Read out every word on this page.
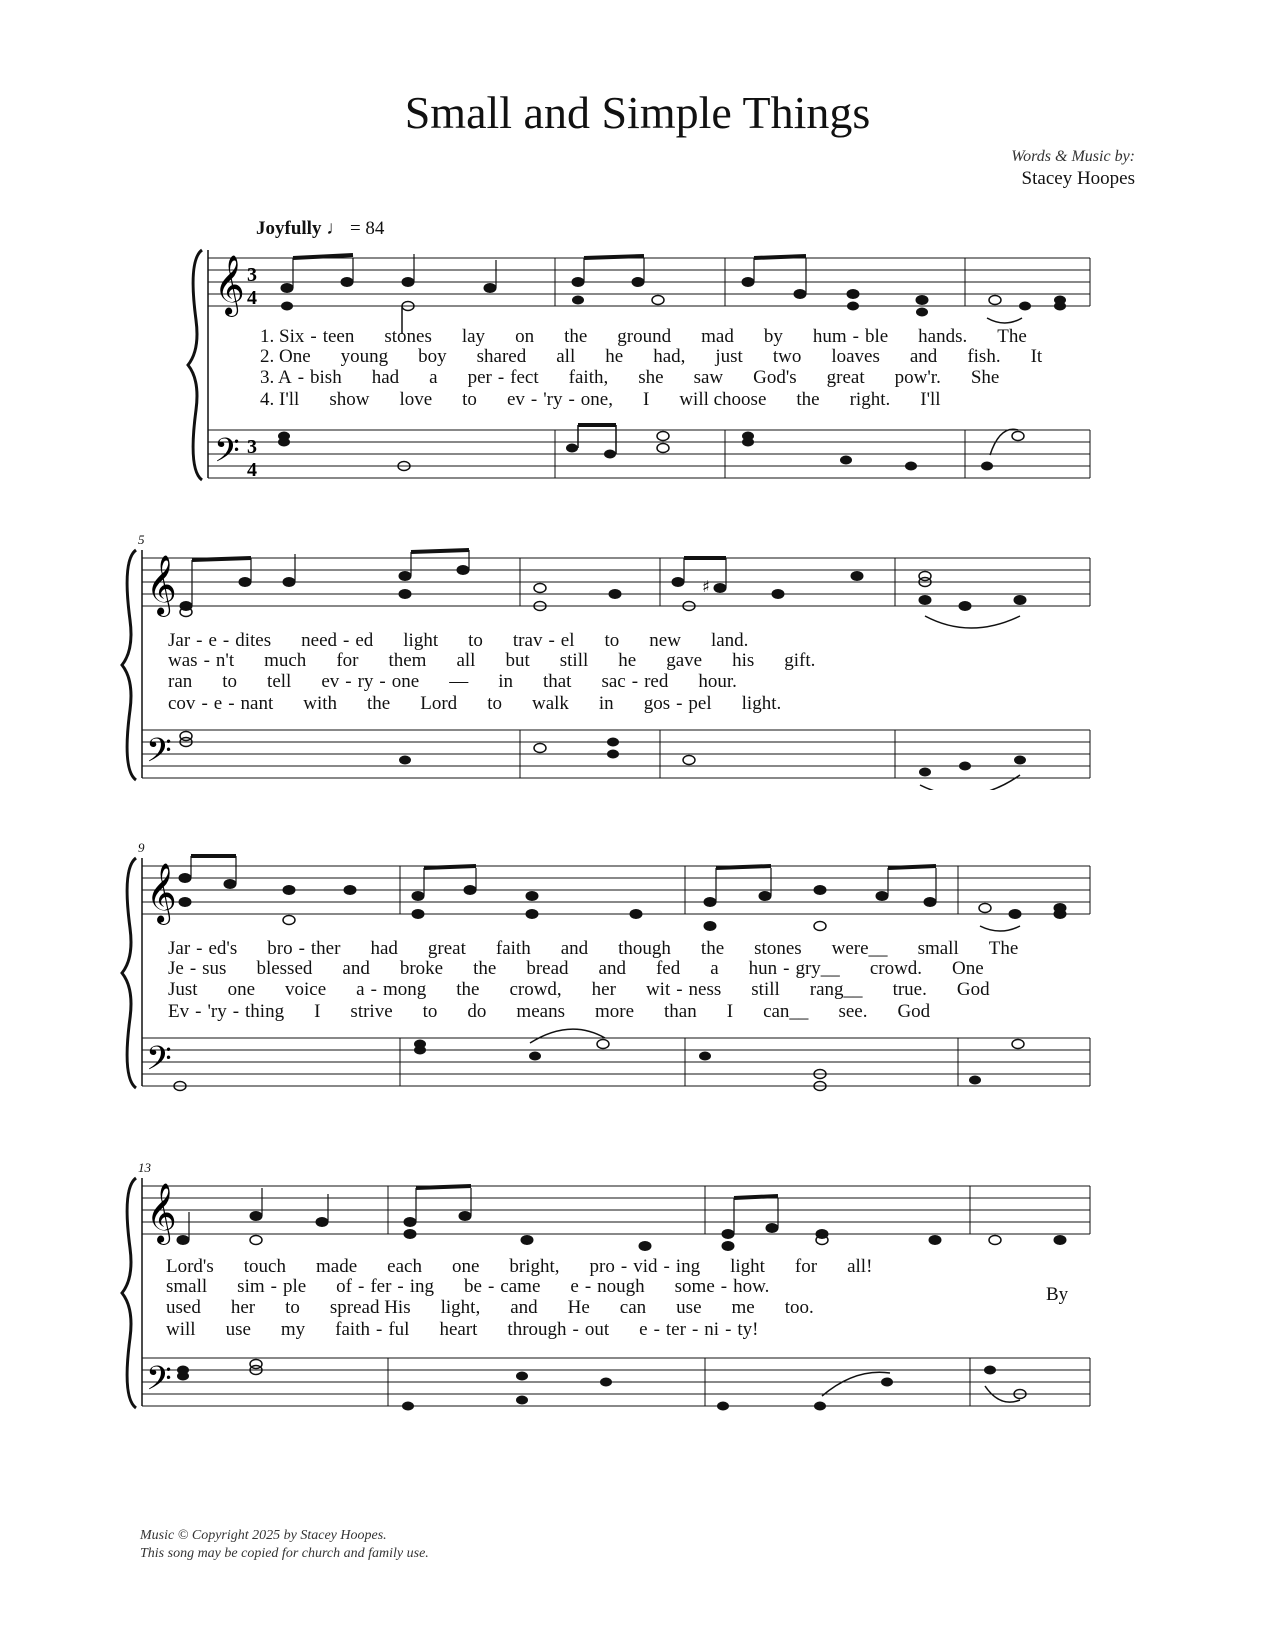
Small and Simple Things
Words & Music by:
Stacey Hoopes
Joyfully ♩ = 84
𝄞
𝄢
3
4
3
4
1. Six - teen stones lay on the ground mad by hum - ble hands. The
2. One young boy shared all he had, just two loaves and fish. It
3. A - bish had a per - fect faith, she saw God's great pow'r. She
4. I'll show love to ev - 'ry - one, I will choose the right. I'll
5
𝄞
𝄢
♯
Jar - e - dites need - ed light to trav - el to new land.
was - n't much for them all but still he gave his gift.
ran to tell ev - ry - one — in that sac - red hour.
cov - e - nant with the Lord to walk in gos - pel light.
9
𝄞
𝄢
Jar - ed's bro - ther had great faith and though the stones were__ small The
Je - sus blessed and broke the bread and fed a hun - gry__ crowd. One
Just one voice a - mong the crowd, her wit - ness still rang__ true. God
Ev - 'ry - thing I strive to do means more than I can__ see. God
13
𝄞
𝄢
Lord's touch made each one bright, pro - vid - ing light for all!
small sim - ple of - fer - ing be - came e - nough some - how.
used her to spread His light, and He can use me too.
will use my faith - ful heart through - out e - ter - ni - ty!
By
Music © Copyright 2025 by Stacey Hoopes.
This song may be copied for church and family use.
